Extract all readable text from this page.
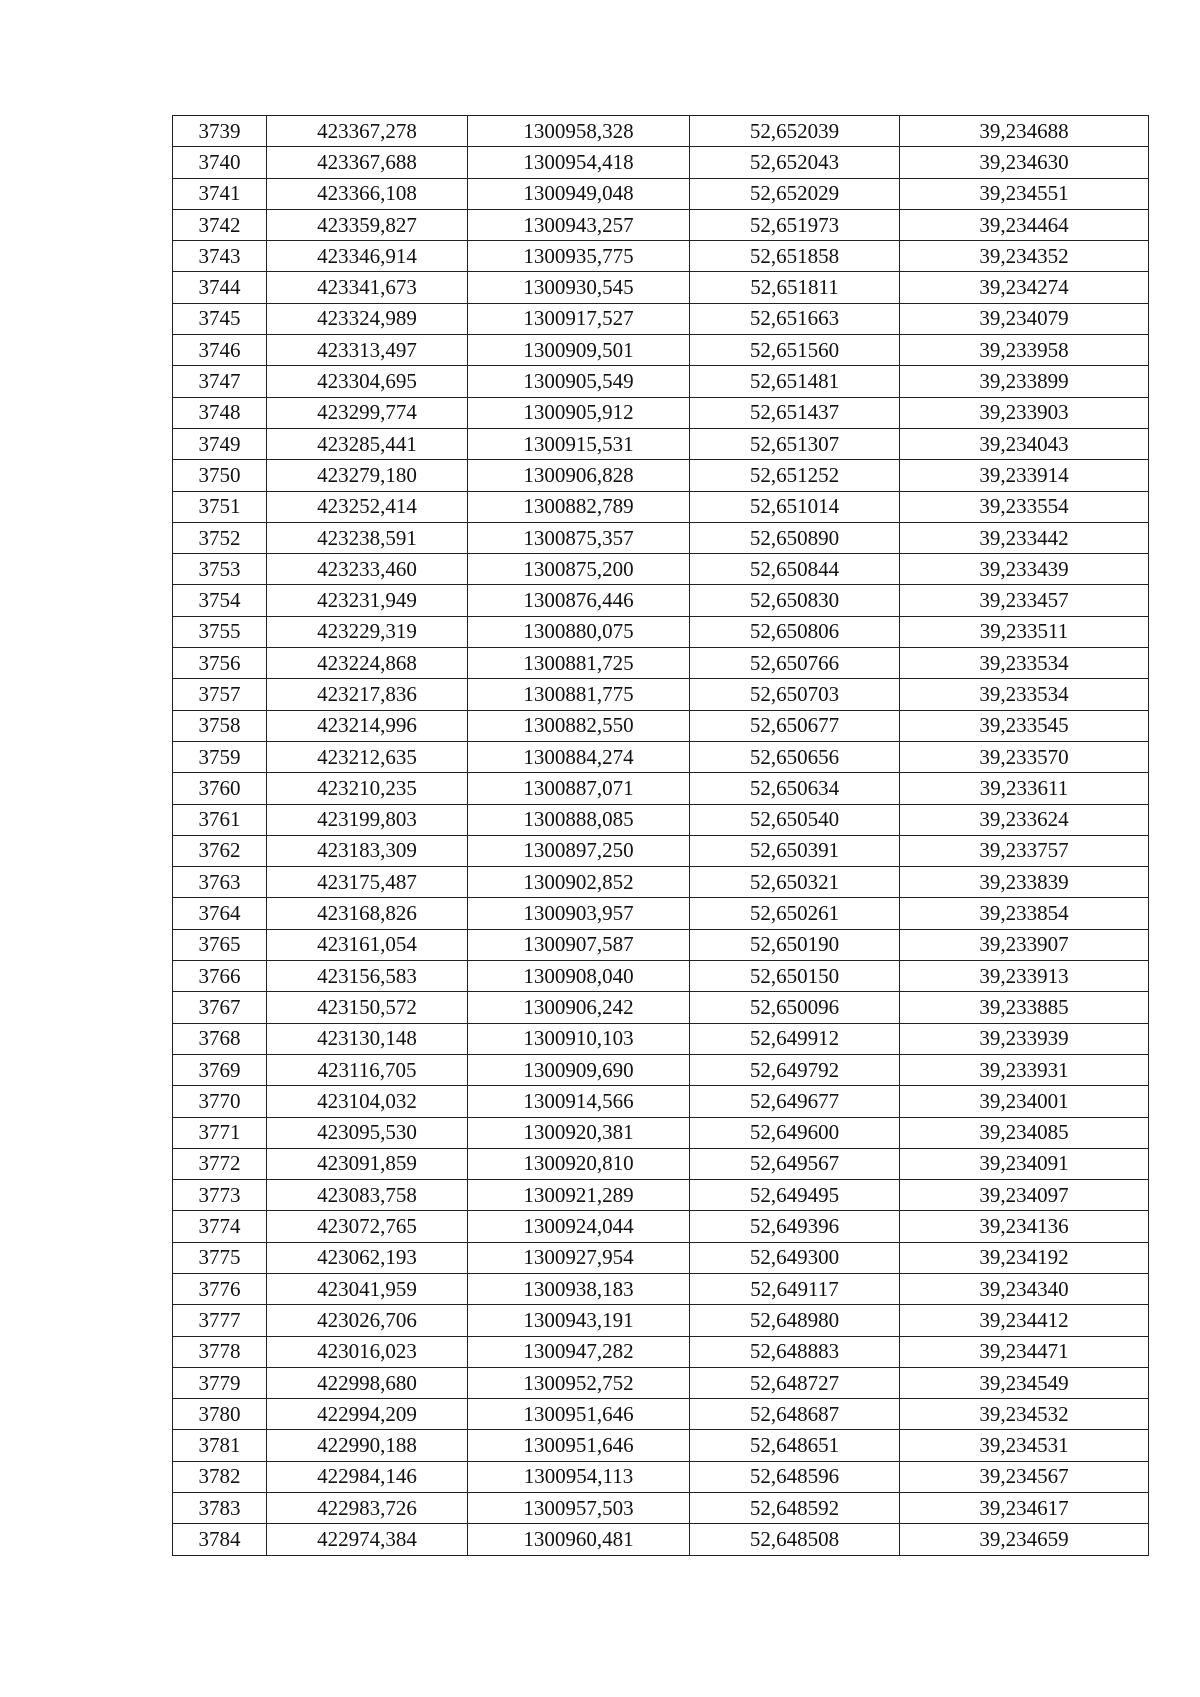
3739	423367,278	1300958,328	52,652039	39,234688
3740	423367,688	1300954,418	52,652043	39,234630
3741	423366,108	1300949,048	52,652029	39,234551
3742	423359,827	1300943,257	52,651973	39,234464
3743	423346,914	1300935,775	52,651858	39,234352
3744	423341,673	1300930,545	52,651811	39,234274
3745	423324,989	1300917,527	52,651663	39,234079
3746	423313,497	1300909,501	52,651560	39,233958
3747	423304,695	1300905,549	52,651481	39,233899
3748	423299,774	1300905,912	52,651437	39,233903
3749	423285,441	1300915,531	52,651307	39,234043
3750	423279,180	1300906,828	52,651252	39,233914
3751	423252,414	1300882,789	52,651014	39,233554
3752	423238,591	1300875,357	52,650890	39,233442
3753	423233,460	1300875,200	52,650844	39,233439
3754	423231,949	1300876,446	52,650830	39,233457
3755	423229,319	1300880,075	52,650806	39,233511
3756	423224,868	1300881,725	52,650766	39,233534
3757	423217,836	1300881,775	52,650703	39,233534
3758	423214,996	1300882,550	52,650677	39,233545
3759	423212,635	1300884,274	52,650656	39,233570
3760	423210,235	1300887,071	52,650634	39,233611
3761	423199,803	1300888,085	52,650540	39,233624
3762	423183,309	1300897,250	52,650391	39,233757
3763	423175,487	1300902,852	52,650321	39,233839
3764	423168,826	1300903,957	52,650261	39,233854
3765	423161,054	1300907,587	52,650190	39,233907
3766	423156,583	1300908,040	52,650150	39,233913
3767	423150,572	1300906,242	52,650096	39,233885
3768	423130,148	1300910,103	52,649912	39,233939
3769	423116,705	1300909,690	52,649792	39,233931
3770	423104,032	1300914,566	52,649677	39,234001
3771	423095,530	1300920,381	52,649600	39,234085
3772	423091,859	1300920,810	52,649567	39,234091
3773	423083,758	1300921,289	52,649495	39,234097
3774	423072,765	1300924,044	52,649396	39,234136
3775	423062,193	1300927,954	52,649300	39,234192
3776	423041,959	1300938,183	52,649117	39,234340
3777	423026,706	1300943,191	52,648980	39,234412
3778	423016,023	1300947,282	52,648883	39,234471
3779	422998,680	1300952,752	52,648727	39,234549
3780	422994,209	1300951,646	52,648687	39,234532
3781	422990,188	1300951,646	52,648651	39,234531
3782	422984,146	1300954,113	52,648596	39,234567
3783	422983,726	1300957,503	52,648592	39,234617
3784	422974,384	1300960,481	52,648508	39,234659
